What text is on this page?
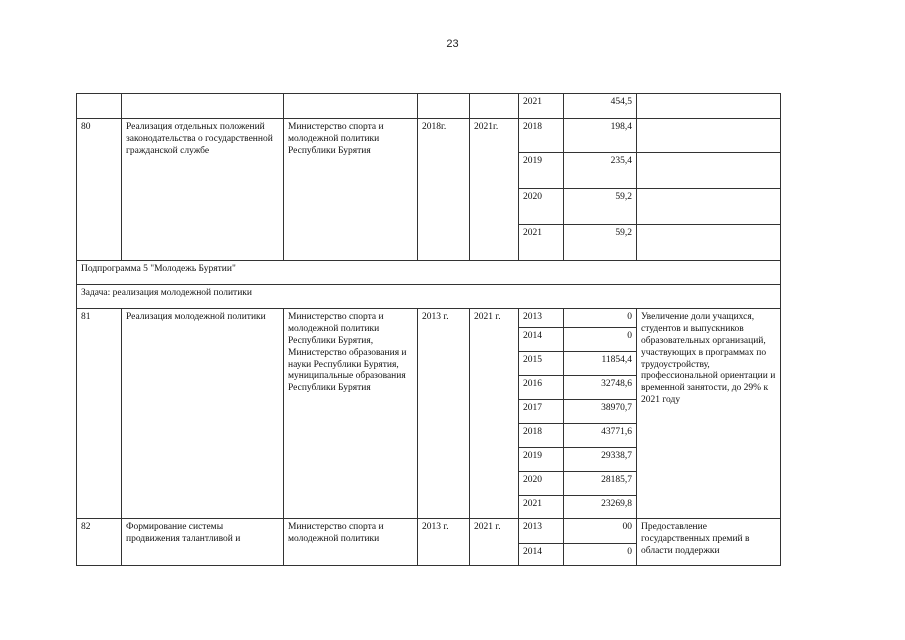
23
					2021	454,5	
80	Реализация отдельных положений законодательства о государственной гражданской службе	Министерство спорта и молодежной политики Республики Бурятия	2018г.	2021г.	2018	198,4	
					2019	235,4	
					2020	59,2	
					2021	59,2	
Подпрограмма 5 "Молодежь Бурятии"							
Задача: реализация молодежной политики							
81	Реализация молодежной политики	Министерство спорта и молодежной политики Республики Бурятия, Министерство образования и науки Республики Бурятия, муниципальные образования Республики Бурятия	2013 г.	2021 г.	2013	0	Увеличение доли учащихся, студентов и выпускников образовательных организаций, участвующих в программах по трудоустройству, профессиональной ориентации и временной занятости, до 29% к 2021 году
					2014	0	
					2015	11854,4	
					2016	32748,6	
					2017	38970,7	
					2018	43771,6	
					2019	29338,7	
					2020	28185,7	
					2021	23269,8	
82	Формирование системы продвижения талантливой и	Министерство спорта и молодежной политики	2013 г.	2021 г.	2013	00	Предоставление государственных премий в области поддержки
					2014	0	
